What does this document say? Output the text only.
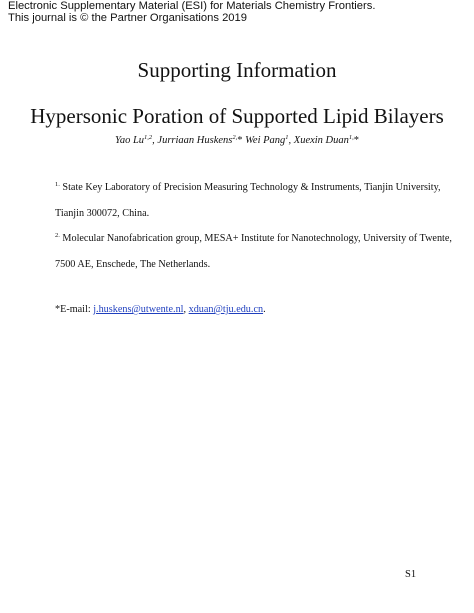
Electronic Supplementary Material (ESI) for Materials Chemistry Frontiers.
This journal is © the Partner Organisations 2019
Supporting Information
Hypersonic Poration of Supported Lipid Bilayers
Yao Lu$^{1,2}$, Jurriaan Huskens$^{2,}$* Wei Pang$^1$, Xuexin Duan$^{1,}$*
$^{1.}$ State Key Laboratory of Precision Measuring Technology & Instruments, Tianjin University,
Tianjin 300072, China.
$^{2.}$ Molecular Nanofabrication group, MESA+ Institute for Nanotechnology, University of Twente,
7500 AE, Enschede, The Netherlands.
*E-mail: j.huskens@utwente.nl, xduan@tju.edu.cn.
S1
